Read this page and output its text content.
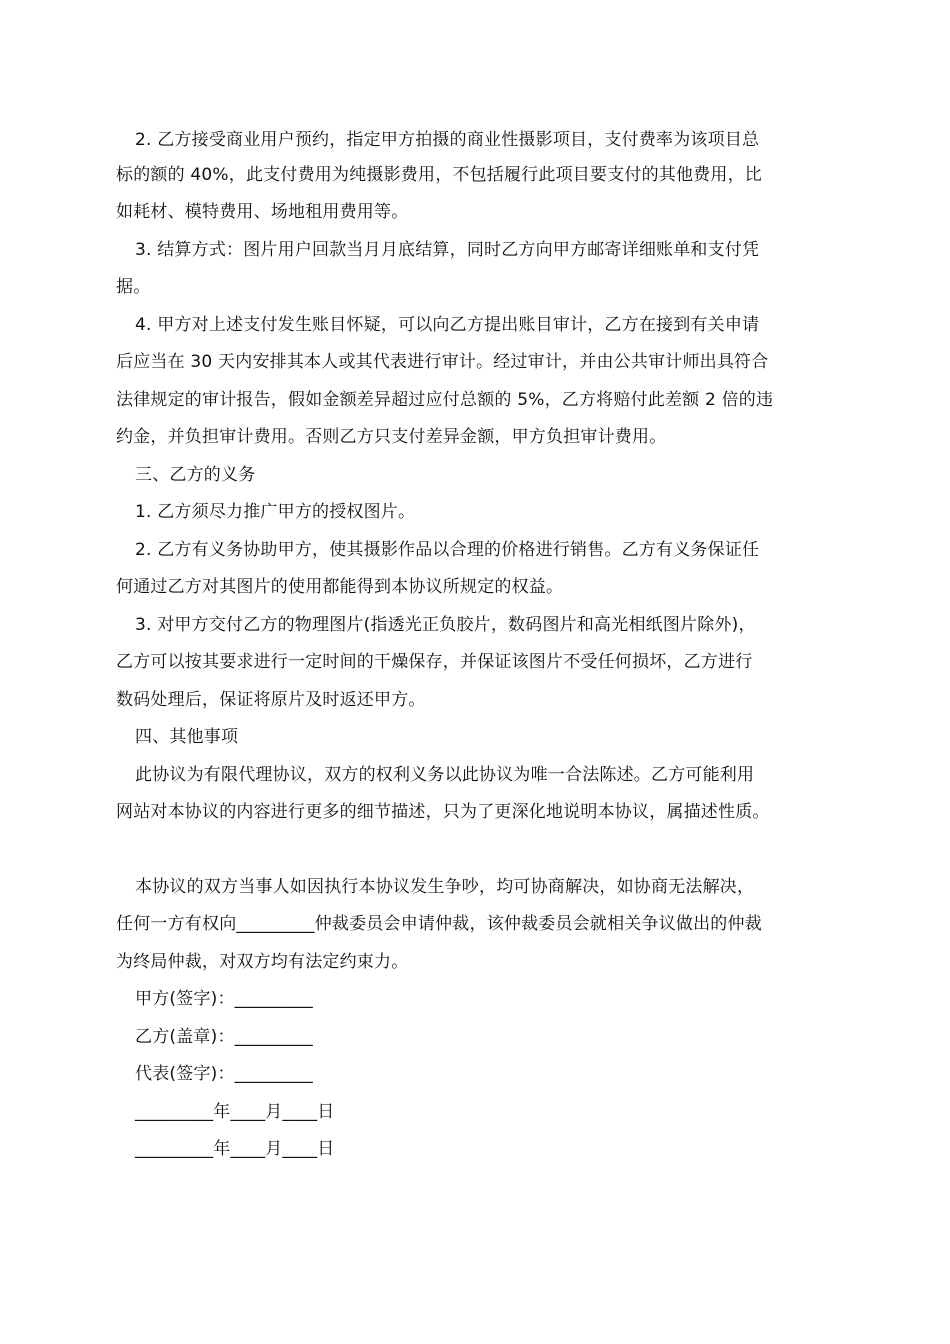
2. 乙方接受商业用户预约，指定甲方拍摄的商业性摄影项目，支付费率为该项目总
标的额的 40%，此支付费用为纯摄影费用，不包括履行此项目要支付的其他费用，比
如耗材、模特费用、场地租用费用等。
3. 结算方式：图片用户回款当月月底结算，同时乙方向甲方邮寄详细账单和支付凭
据。
4. 甲方对上述支付发生账目怀疑，可以向乙方提出账目审计，乙方在接到有关申请
后应当在 30 天内安排其本人或其代表进行审计。经过审计，并由公共审计师出具符合
法律规定的审计报告，假如金额差异超过应付总额的 5%，乙方将赔付此差额 2 倍的违
约金，并负担审计费用。否则乙方只支付差异金额，甲方负担审计费用。
三、乙方的义务
1. 乙方须尽力推广甲方的授权图片。
2. 乙方有义务协助甲方，使其摄影作品以合理的价格进行销售。乙方有义务保证任
何通过乙方对其图片的使用都能得到本协议所规定的权益。
3. 对甲方交付乙方的物理图片(指透光正负胶片，数码图片和高光相纸图片除外)，
乙方可以按其要求进行一定时间的干燥保存，并保证该图片不受任何损坏，乙方进行
数码处理后，保证将原片及时返还甲方。
四、其他事项
此协议为有限代理协议，双方的权利义务以此协议为唯一合法陈述。乙方可能利用
网站对本协议的内容进行更多的细节描述，只为了更深化地说明本协议，属描述性质。
本协议的双方当事人如因执行本协议发生争吵，均可协商解决，如协商无法解决，
任何一方有权向_________仲裁委员会申请仲裁，该仲裁委员会就相关争议做出的仲裁
为终局仲裁，对双方均有法定约束力。
甲方(签字)：_________
乙方(盖章)：_________
代表(签字)：_________
_________年____月____日
_________年____月____日
